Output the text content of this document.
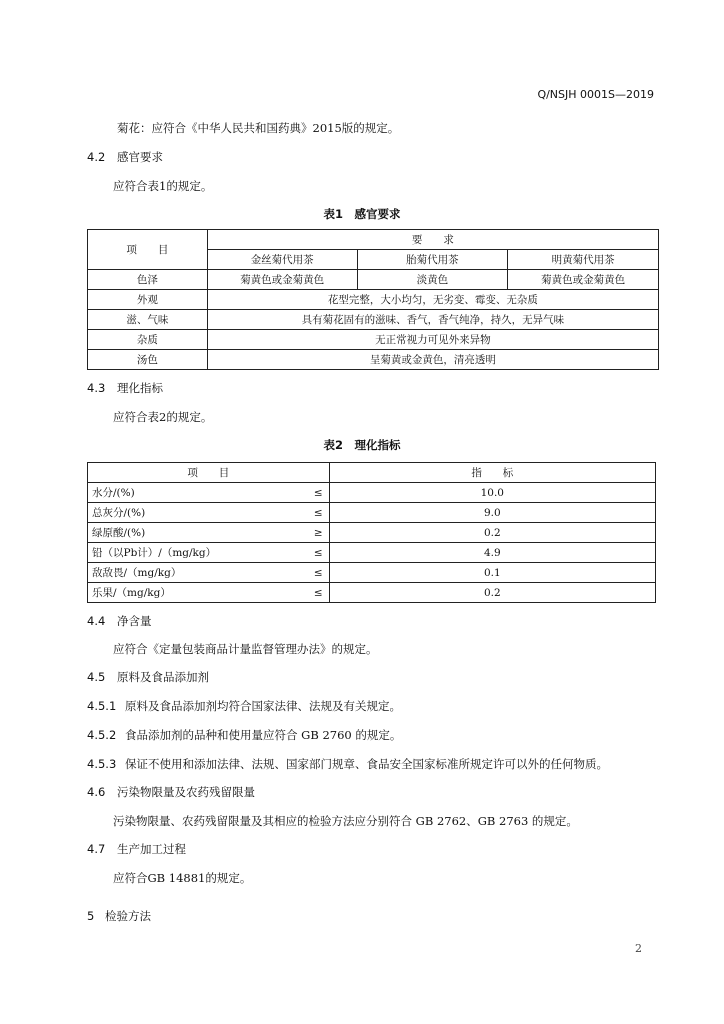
Q/NSJH 0001S—2019
菊花：应符合《中华人民共和国药典》2015版的规定。
4.2 感官要求
应符合表1的规定。
表1　感官要求
项　　目	要　　求		
	金丝菊代用茶	胎菊代用茶	明黄菊代用茶
色泽	菊黄色或金菊黄色	淡黄色	菊黄色或金菊黄色
外观	花型完整，大小均匀，无劣变、霉变、无杂质		
滋、气味	具有菊花固有的滋味、香气，香气纯净，持久，无异气味		
杂质	无正常视力可见外来异物		
汤色	呈菊黄或金黄色，清亮透明		
4.3 理化指标
应符合表2的规定。
表2　理化指标
项　　目		指　　标
水分/(%)	≤	10.0
总灰分/(%)	≤	9.0
绿原酸/(%)	≥	0.2
铅（以Pb计）/（mg/kg）	≤	4.9
敌敌畏/（mg/kg）	≤	0.1
乐果/（mg/kg）	≤	0.2
4.4 净含量
应符合《定量包装商品计量监督管理办法》的规定。
4.5 原料及食品添加剂
4.5.1 原料及食品添加剂均符合国家法律、法规及有关规定。
4.5.2 食品添加剂的品种和使用量应符合 GB 2760 的规定。
4.5.3 保证不使用和添加法律、法规、国家部门规章、食品安全国家标准所规定许可以外的任何物质。
4.6 污染物限量及农药残留限量
污染物限量、农药残留限量及其相应的检验方法应分别符合 GB 2762、GB 2763 的规定。
4.7 生产加工过程
应符合GB 14881的规定。
5 检验方法
2
